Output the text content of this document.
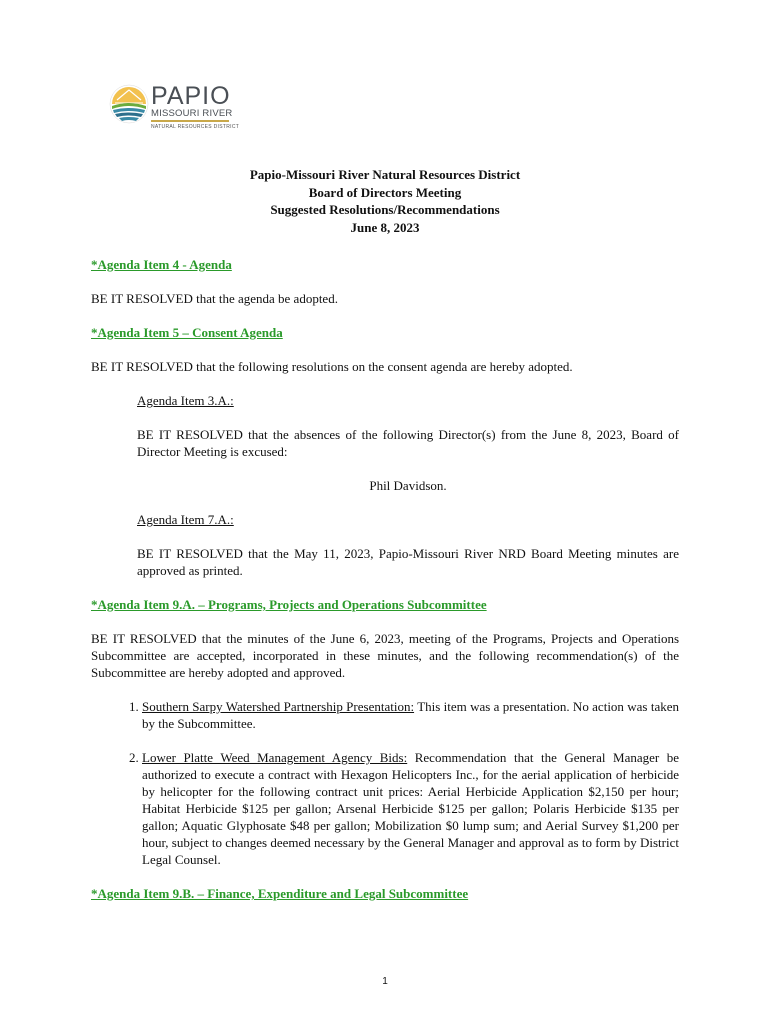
PAPIO
MISSOURI RIVER
NATURAL RESOURCES DISTRICT
Papio-Missouri River Natural Resources District
Board of Directors Meeting
Suggested Resolutions/Recommendations
June 8, 2023
*Agenda Item 4 - Agenda

BE IT RESOLVED that the agenda be adopted.

*Agenda Item 5 – Consent Agenda

BE IT RESOLVED that the following resolutions on the consent agenda are hereby adopted.

Agenda Item 3.A.:

BE IT RESOLVED that the absences of the following Director(s) from the June 8, 2023, Board of Director Meeting is excused:

Phil Davidson.

Agenda Item 7.A.:

BE IT RESOLVED that the May 11, 2023, Papio-Missouri River NRD Board Meeting minutes are approved as printed.

*Agenda Item 9.A. – Programs, Projects and Operations Subcommittee

BE IT RESOLVED that the minutes of the June 6, 2023, meeting of the Programs, Projects and Operations Subcommittee are accepted, incorporated in these minutes, and the following recommendation(s) of the Subcommittee are hereby adopted and approved.

1. Southern Sarpy Watershed Partnership Presentation: This item was a presentation. No action was taken by the Subcommittee.
2. Lower Platte Weed Management Agency Bids: Recommendation that the General Manager be authorized to execute a contract with Hexagon Helicopters Inc., for the aerial application of herbicide by helicopter for the following contract unit prices: Aerial Herbicide Application $2,150 per hour; Habitat Herbicide $125 per gallon; Arsenal Herbicide $125 per gallon; Polaris Herbicide $135 per gallon; Aquatic Glyphosate $48 per gallon; Mobilization $0 lump sum; and Aerial Survey $1,200 per hour, subject to changes deemed necessary by the General Manager and approval as to form by District Legal Counsel.
*Agenda Item 9.B. – Finance, Expenditure and Legal Subcommittee
1
